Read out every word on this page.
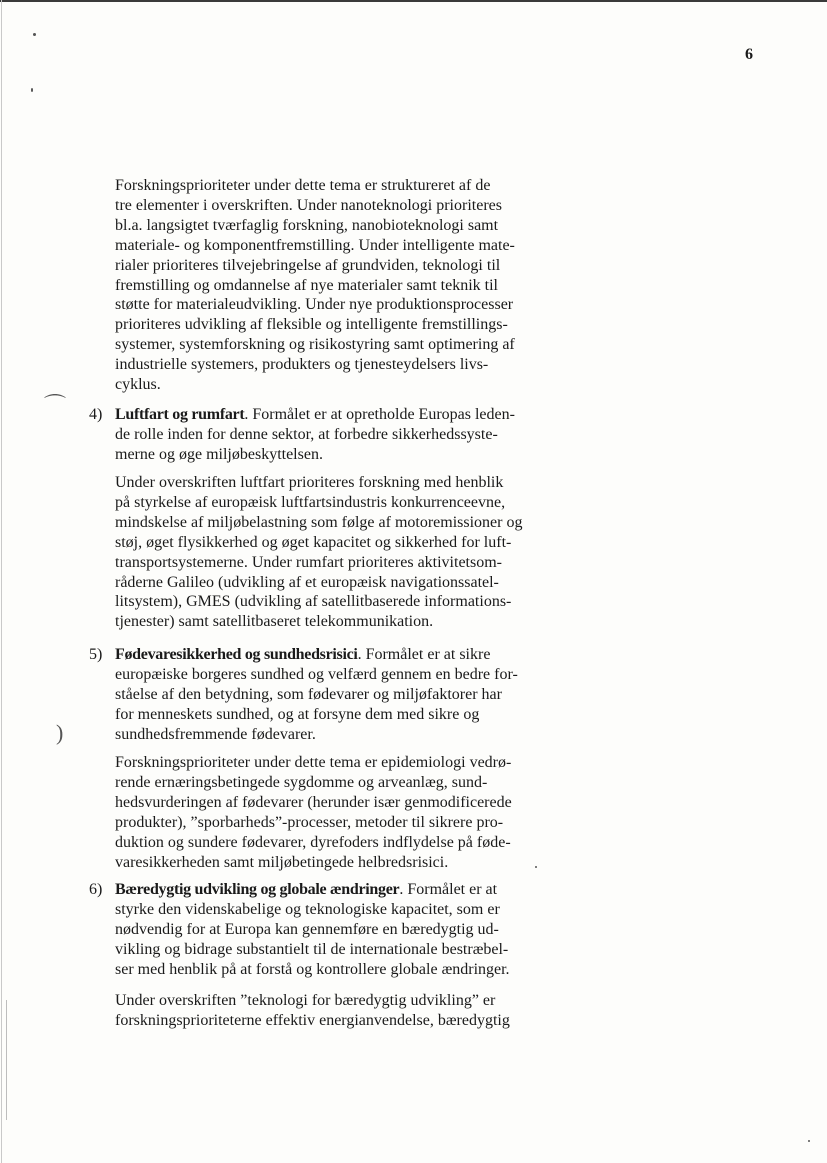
⌒
)
6
Forskningsprioriteter under dette tema er struktureret af de
tre elementer i overskriften. Under nanoteknologi prioriteres
bl.a. langsigtet tværfaglig forskning, nanobioteknologi samt
materiale- og komponentfremstilling. Under intelligente mate-
rialer prioriteres tilvejebringelse af grundviden, teknologi til
fremstilling og omdannelse af nye materialer samt teknik til
støtte for materialeudvikling. Under nye produktionsprocesser
prioriteres udvikling af fleksible og intelligente fremstillings-
systemer, systemforskning og risikostyring samt optimering af
industrielle systemers, produkters og tjenesteydelsers livs-
cyklus.
4) Luftfart og rumfart. Formålet er at opretholde Europas leden-
de rolle inden for denne sektor, at forbedre sikkerhedssyste-
merne og øge miljøbeskyttelsen.
Under overskriften luftfart prioriteres forskning med henblik
på styrkelse af europæisk luftfartsindustris konkurrenceevne,
mindskelse af miljøbelastning som følge af motoremissioner og
støj, øget flysikkerhed og øget kapacitet og sikkerhed for luft-
transportsystemerne. Under rumfart prioriteres aktivitetsom-
råderne Galileo (udvikling af et europæisk navigationssatel-
litsystem), GMES (udvikling af satellitbaserede informations-
tjenester) samt satellitbaseret telekommunikation.
5) Fødevaresikkerhed og sundhedsrisici. Formålet er at sikre
europæiske borgeres sundhed og velfærd gennem en bedre for-
ståelse af den betydning, som fødevarer og miljøfaktorer har
for menneskets sundhed, og at forsyne dem med sikre og
sundhedsfremmende fødevarer.
Forskningsprioriteter under dette tema er epidemiologi vedrø-
rende ernæringsbetingede sygdomme og arveanlæg, sund-
hedsvurderingen af fødevarer (herunder især genmodificerede
produkter), ”sporbarheds”-processer, metoder til sikrere pro-
duktion og sundere fødevarer, dyrefoders indflydelse på føde-
varesikkerheden samt miljøbetingede helbredsrisici.
6) Bæredygtig udvikling og globale ændringer. Formålet er at
styrke den videnskabelige og teknologiske kapacitet, som er
nødvendig for at Europa kan gennemføre en bæredygtig ud-
vikling og bidrage substantielt til de internationale bestræbel-
ser med henblik på at forstå og kontrollere globale ændringer.
Under overskriften ”teknologi for bæredygtig udvikling” er
forskningsprioriteterne effektiv energianvendelse, bæredygtig
